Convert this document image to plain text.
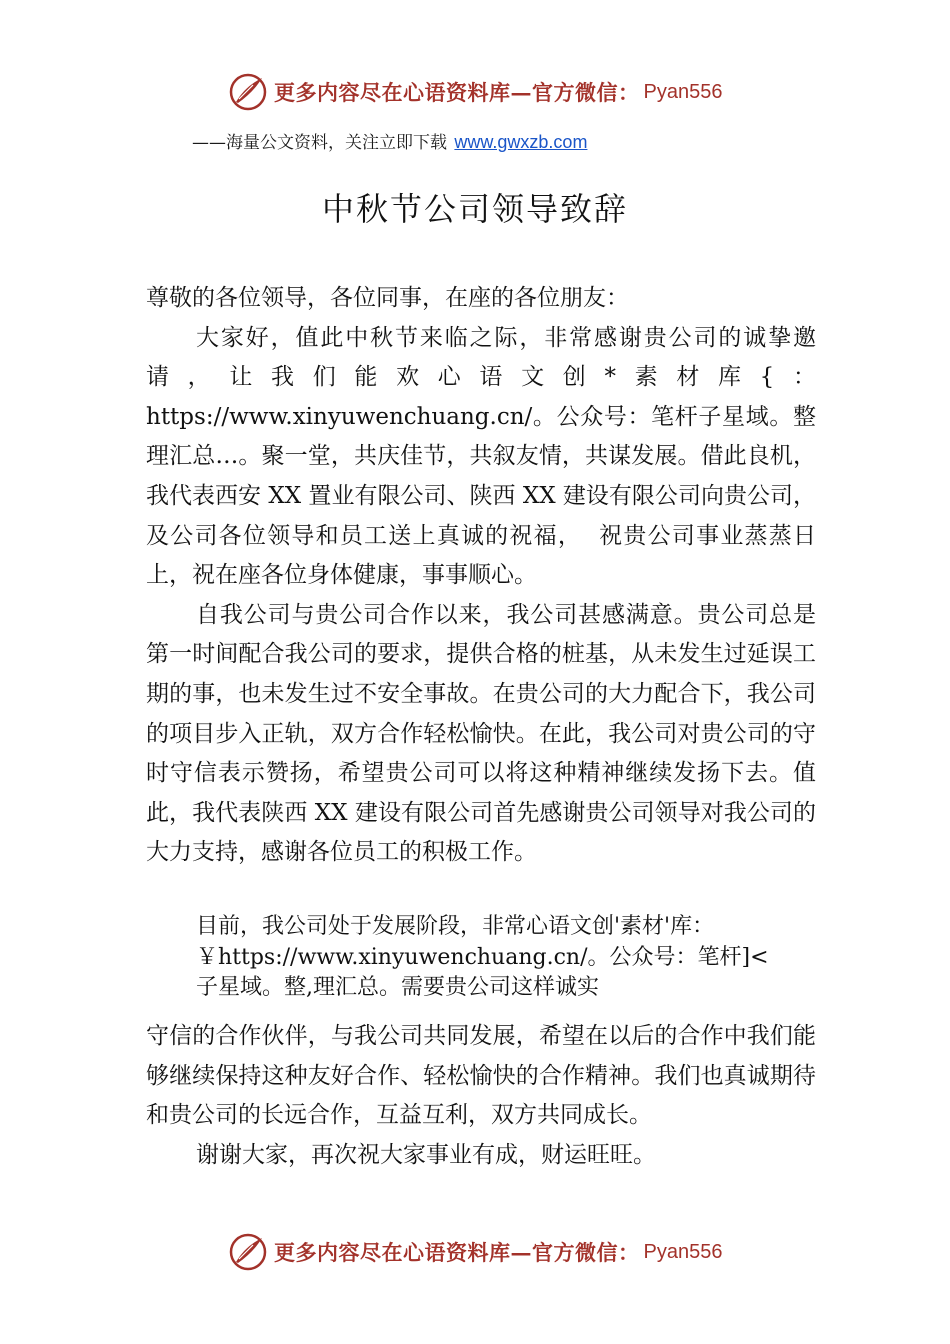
更多内容尽在心语资料库—官方微信： Pyan556
——海量公文资料，关注立即下载 www.gwxzb.com
中秋节公司领导致辞

尊敬的各位领导，各位同事，在座的各位朋友：

大家好，值此中秋节来临之际，非常感谢贵公司的诚挚邀请，让我们能欢心语文创*素材库{：https://www.xinyuwenchuang.cn/。公众号：笔杆子星域。整理汇总…。聚一堂，共庆佳节，共叙友情，共谋发展。借此良机，我代表西安 XX 置业有限公司、陕西 XX 建设有限公司向贵公司，及公司各位领导和员工送上真诚的祝福，  祝贵公司事业蒸蒸日上，祝在座各位身体健康，事事顺心。

自我公司与贵公司合作以来，我公司甚感满意。贵公司总是第一时间配合我公司的要求，提供合格的桩基，从未发生过延误工期的事，也未发生过不安全事故。在贵公司的大力配合下，我公司的项目步入正轨，双方合作轻松愉快。在此，我公司对贵公司的守时守信表示赞扬，希望贵公司可以将这种精神继续发扬下去。值此，我代表陕西 XX 建设有限公司首先感谢贵公司领导对我公司的大力支持，感谢各位员工的积极工作。

目前，我公司处于发展阶段，非常心语文创'素材'库：
￥https://www.xinyuwenchuang.cn/。公众号：笔杆]<
子星域。整,理汇总。需要贵公司这样诚实

守信的合作伙伴，与我公司共同发展，希望在以后的合作中我们能够继续保持这种友好合作、轻松愉快的合作精神。我们也真诚期待和贵公司的长远合作，互益互利，双方共同成长。

谢谢大家，再次祝大家事业有成，财运旺旺。

更多内容尽在心语资料库—官方微信： Pyan556
